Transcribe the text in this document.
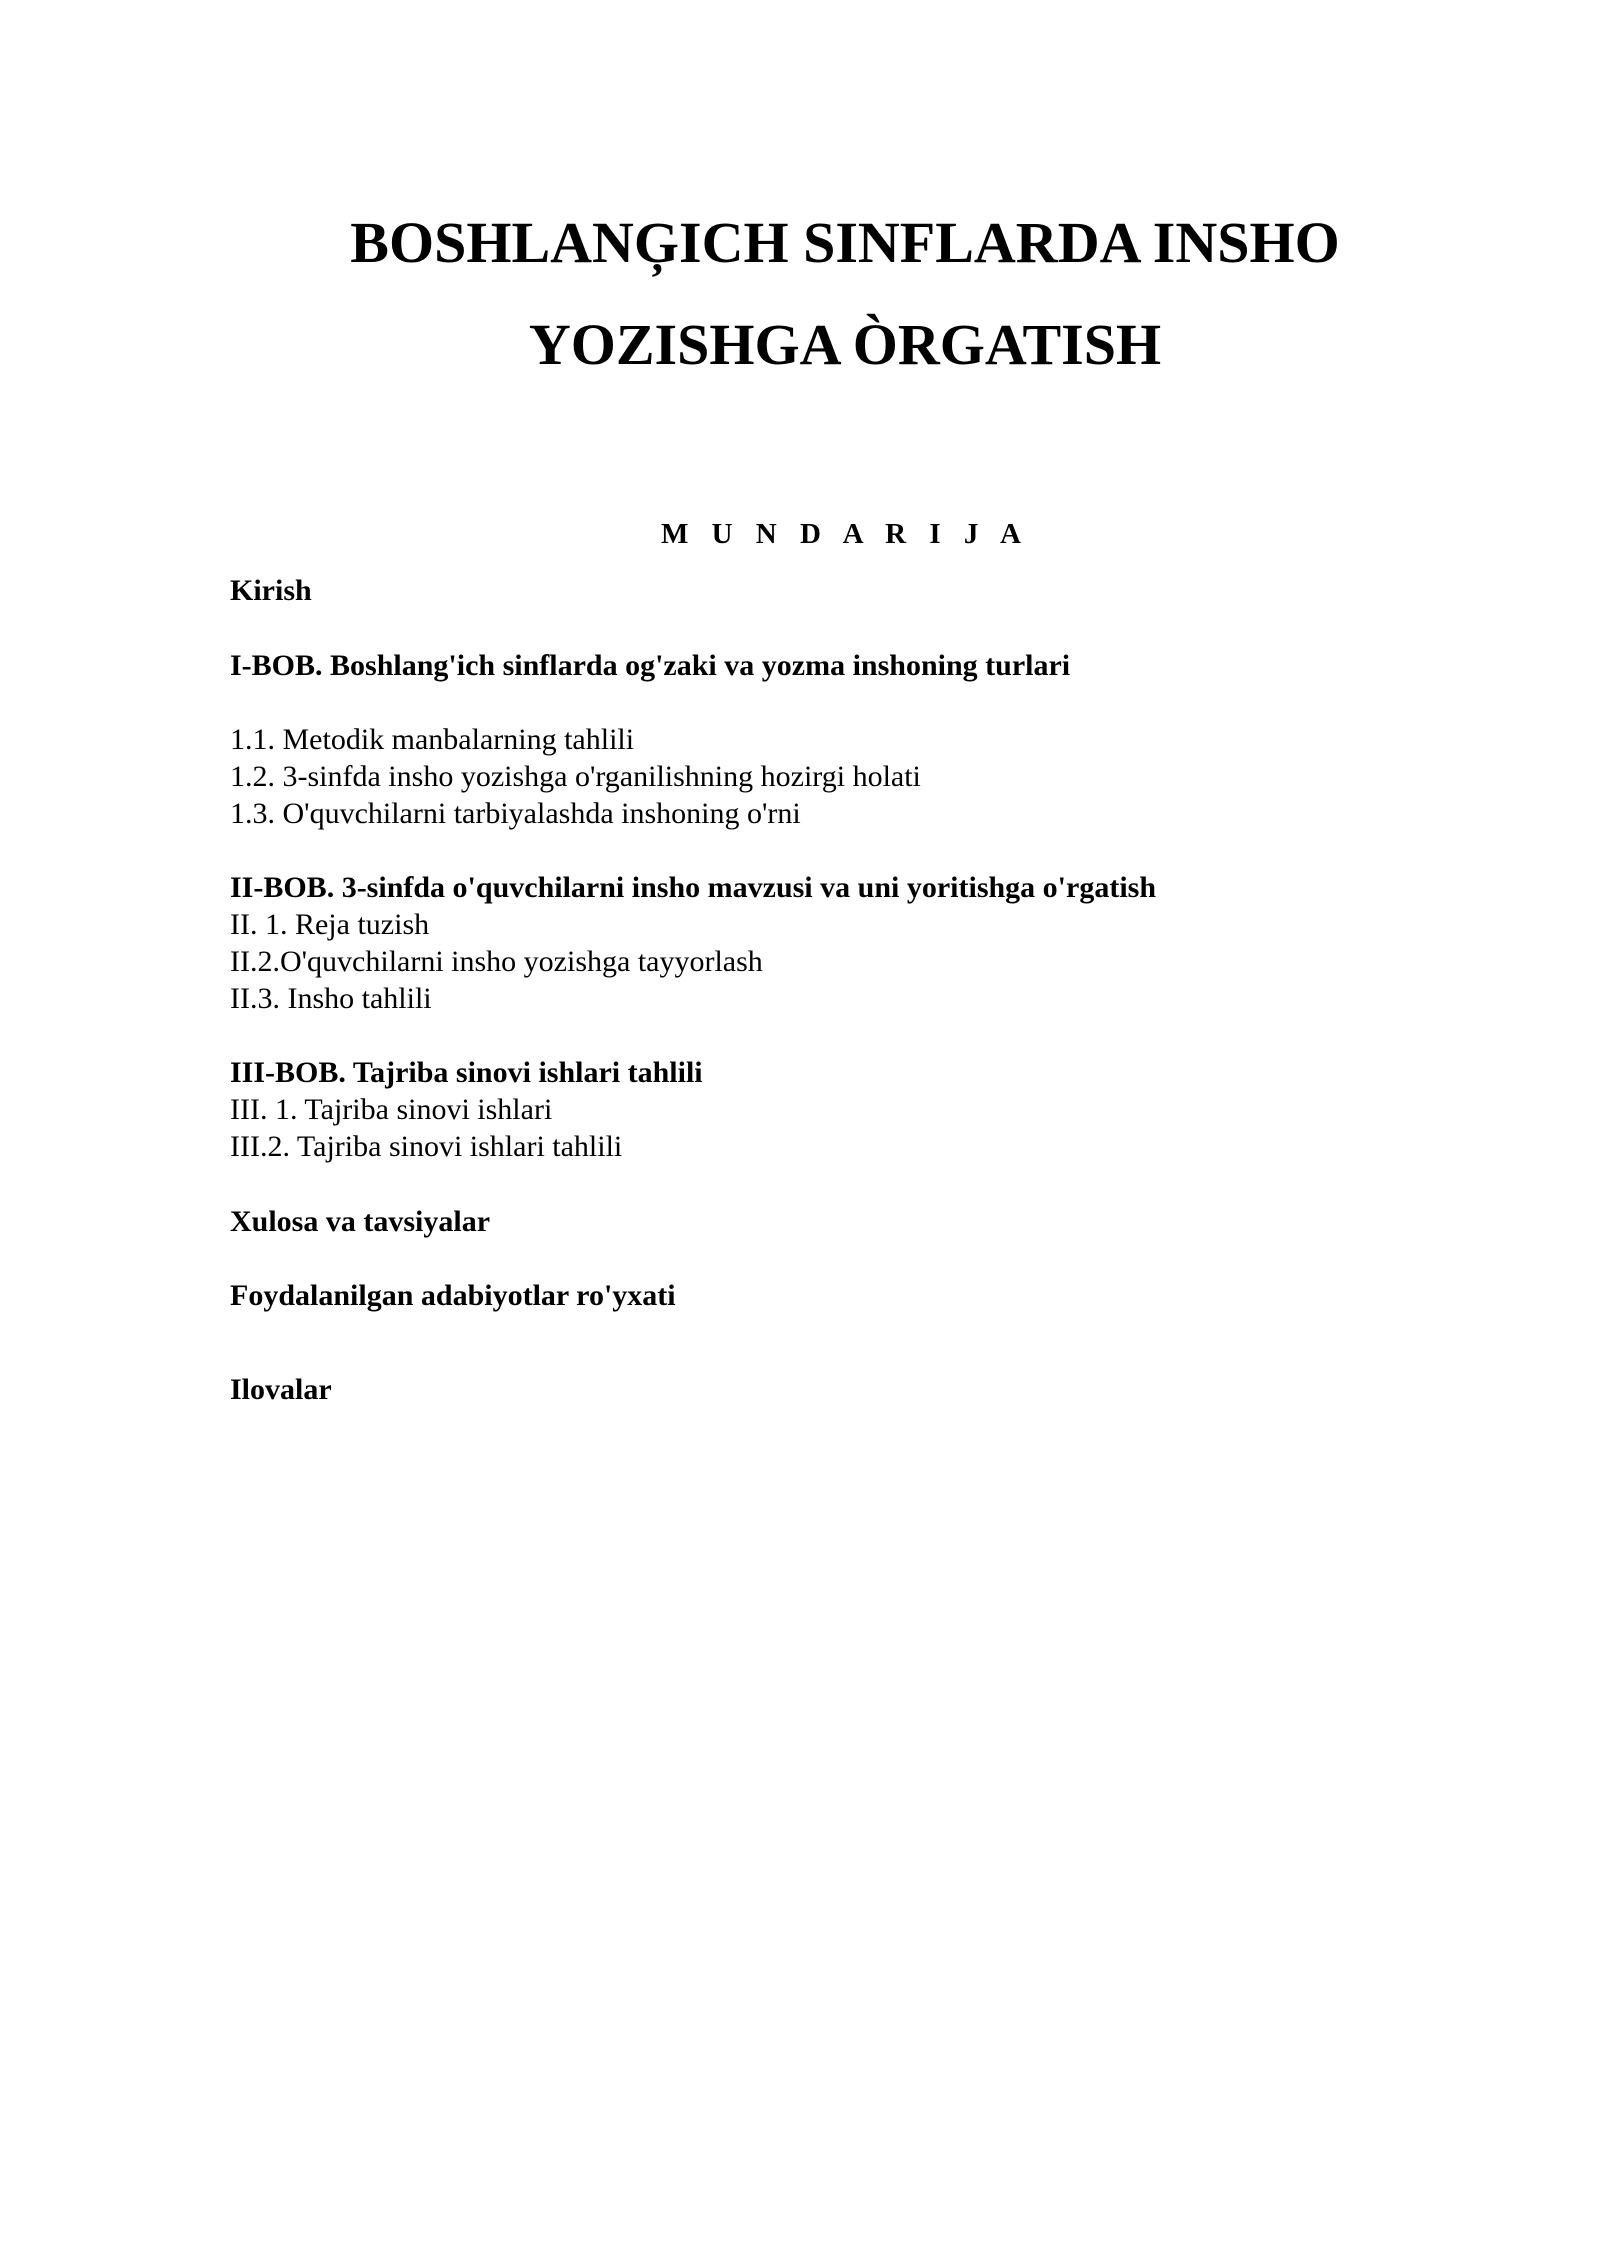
BOSHLANĢICH SINFLARDA INSHO
YOZISHGA ÒRGATISH
M U N D A R I J A

Kirish

I-BOB. Boshlang'ich sinflarda og'zaki va yozma inshoning turlari

1.1. Metodik manbalarning tahlili

1.2. 3-sinfda insho yozishga o'rganilishning hozirgi holati

1.3. O'quvchilarni tarbiyalashda inshoning o'rni

II-BOB. 3-sinfda o'quvchilarni insho mavzusi va uni yoritishga o'rgatish

II. 1. Reja tuzish

II.2.O'quvchilarni insho yozishga tayyorlash

II.3. Insho tahlili

III-BOB. Tajriba sinovi ishlari tahlili

III. 1. Tajriba sinovi ishlari

III.2. Tajriba sinovi ishlari tahlili

Xulosa va tavsiyalar

Foydalanilgan adabiyotlar ro'yxati

Ilovalar
